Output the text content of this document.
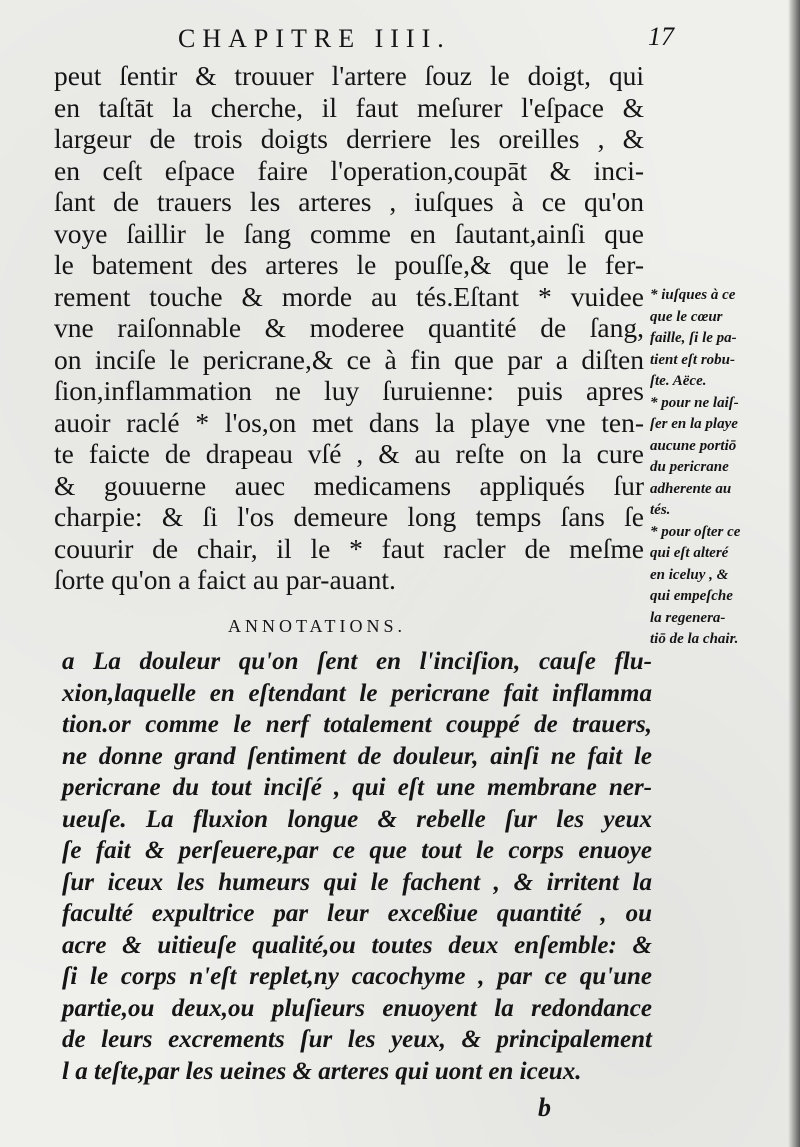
CHAPITRE IIII.	17
peut ſentir & trouuer l'artere ſouz le doigt, qui
en taſtāt la cherche, il faut meſurer l'eſpace &
largeur de trois doigts derriere les oreilles , &
en ceſt eſpace faire l'operation,coupāt & inci-
ſant de trauers les arteres , iuſques à ce qu'on
voye ſaillir le ſang comme en ſautant,ainſi que
le batement des arteres le pouſſe,& que le fer-
rement touche & morde au tés.Eſtant * vuidee
vne raiſonnable & moderee quantité de ſang,
on inciſe le pericrane,& ce à fin que par a diſten
ſion,inflammation ne luy ſuruienne: puis apres
auoir raclé * l'os,on met dans la playe vne ten-
te faicte de drapeau vſé , & au reſte on la cure
& gouuerne auec medicamens appliqués ſur
charpie: & ſi l'os demeure long temps ſans ſe
couurir de chair, il le * faut racler de meſme
ſorte qu'on a faict au par-auant.
ANNOTATIONS.
a La douleur qu'on ſent en l'inciſion, cauſe flu-
xion,laquelle en eſtendant le pericrane fait inflamma
tion.or comme le nerf totalement couppé de trauers,
ne donne grand ſentiment de douleur, ainſi ne fait le
pericrane du tout inciſé , qui eſt une membrane ner-
ueuſe. La fluxion longue & rebelle ſur les yeux
ſe fait & perſeuere,par ce que tout le corps enuoye
ſur iceux les humeurs qui le fachent , & irritent la
faculté expultrice par leur exceßiue quantité , ou
acre & uitieuſe qualité,ou toutes deux enſemble: &
ſi le corps n'eſt replet,ny cacochyme , par ce qu'une
partie,ou deux,ou pluſieurs enuoyent la redondance
de leurs excrements ſur les yeux, & principalement
l a teſte,par les ueines & arteres qui uont en iceux.
* iuſques à ce
que le cœur
faille, ſi le pa-
tient eſt robu-
ſte. Aëce.
* pour ne laiſ-
ſer en la playe
aucune portiō
du pericrane
adherente au
tés.
* pour oſter ce
qui eſt alteré
en iceluy , &
qui empeſche
la regenera-
tiō de la chair.
b
